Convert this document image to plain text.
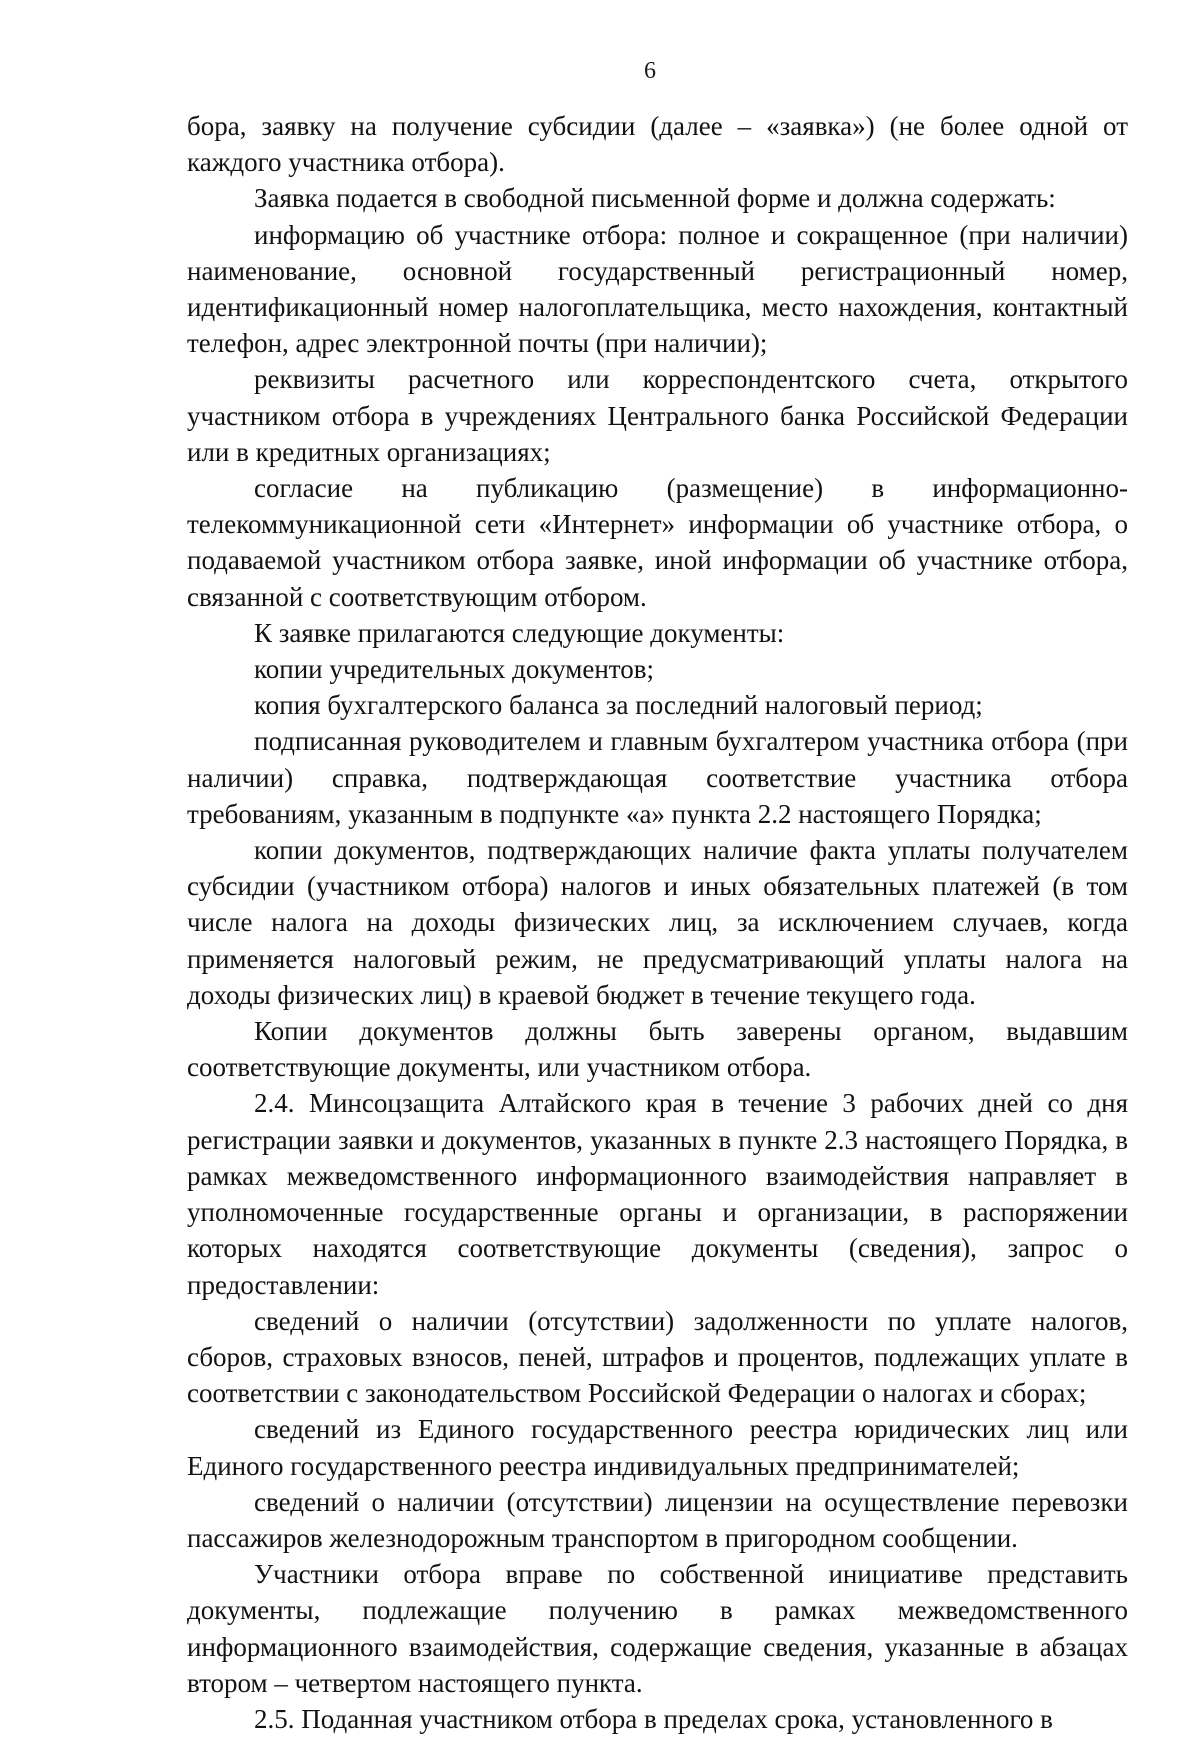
6

бора, заявку на получение субсидии (далее – «заявка») (не более одной от каждого участника отбора).

Заявка подается в свободной письменной форме и должна содержать:

информацию об участнике отбора: полное и сокращенное (при наличии) наименование, основной государственный регистрационный номер, идентификационный номер налогоплательщика, место нахождения, контактный телефон, адрес электронной почты (при наличии);

реквизиты расчетного или корреспондентского счета, открытого участником отбора в учреждениях Центрального банка Российской Федерации или в кредитных организациях;

согласие на публикацию (размещение) в информационно-телекоммуникационной сети «Интернет» информации об участнике отбора, о подаваемой участником отбора заявке, иной информации об участнике отбора, связанной с соответствующим отбором.

К заявке прилагаются следующие документы:

копии учредительных документов;

копия бухгалтерского баланса за последний налоговый период;

подписанная руководителем и главным бухгалтером участника отбора (при наличии) справка, подтверждающая соответствие участника отбора требованиям, указанным в подпункте «а» пункта 2.2 настоящего Порядка;

копии документов, подтверждающих наличие факта уплаты получателем субсидии (участником отбора) налогов и иных обязательных платежей (в том числе налога на доходы физических лиц, за исключением случаев, когда применяется налоговый режим, не предусматривающий уплаты налога на доходы физических лиц) в краевой бюджет в течение текущего года.

Копии документов должны быть заверены органом, выдавшим соответствующие документы, или участником отбора.

2.4. Минсоцзащита Алтайского края в течение 3 рабочих дней со дня регистрации заявки и документов, указанных в пункте 2.3 настоящего Порядка, в рамках межведомственного информационного взаимодействия направляет в уполномоченные государственные органы и организации, в распоряжении которых находятся соответствующие документы (сведения), запрос о предоставлении:

сведений о наличии (отсутствии) задолженности по уплате налогов, сборов, страховых взносов, пеней, штрафов и процентов, подлежащих уплате в соответствии с законодательством Российской Федерации о налогах и сборах;

сведений из Единого государственного реестра юридических лиц или Единого государственного реестра индивидуальных предпринимателей;

сведений о наличии (отсутствии) лицензии на осуществление перевозки пассажиров железнодорожным транспортом в пригородном сообщении.

Участники отбора вправе по собственной инициативе представить документы, подлежащие получению в рамках межведомственного информационного взаимодействия, содержащие сведения, указанные в абзацах втором – четвертом настоящего пункта.

2.5. Поданная участником отбора в пределах срока, установленного в
